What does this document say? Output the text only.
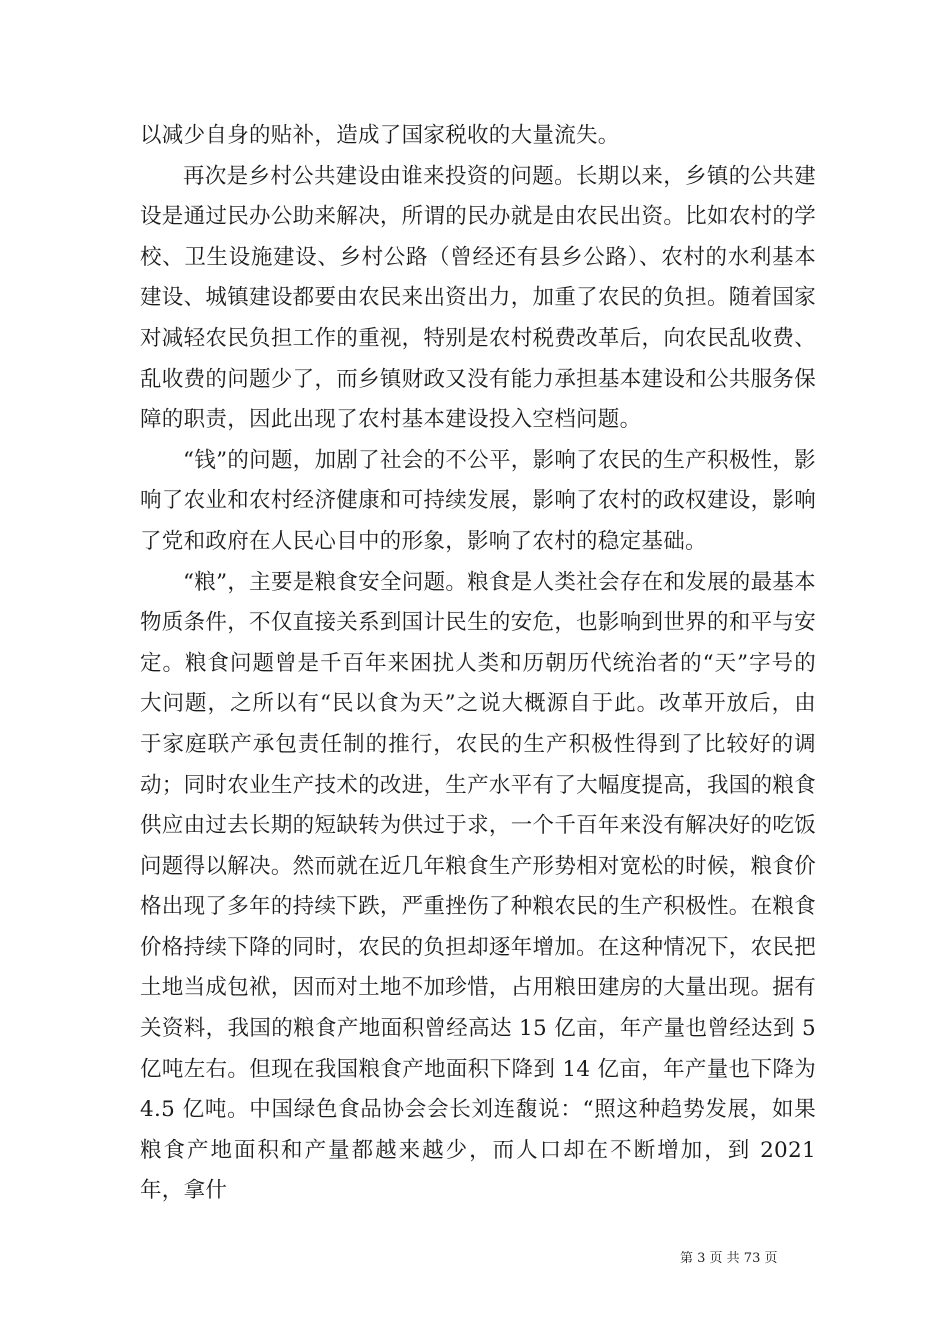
以减少自身的贴补，造成了国家税收的大量流失。

再次是乡村公共建设由谁来投资的问题。长期以来，乡镇的公共建设是通过民办公助来解决，所谓的民办就是由农民出资。比如农村的学校、卫生设施建设、乡村公路（曾经还有县乡公路）、农村的水利基本建设、城镇建设都要由农民来出资出力，加重了农民的负担。随着国家对减轻农民负担工作的重视，特别是农村税费改革后，向农民乱收费、乱收费的问题少了，而乡镇财政又没有能力承担基本建设和公共服务保障的职责，因此出现了农村基本建设投入空档问题。

“钱”的问题，加剧了社会的不公平，影响了农民的生产积极性，影响了农业和农村经济健康和可持续发展，影响了农村的政权建设，影响了党和政府在人民心目中的形象，影响了农村的稳定基础。

“粮”，主要是粮食安全问题。粮食是人类社会存在和发展的最基本物质条件，不仅直接关系到国计民生的安危，也影响到世界的和平与安定。粮食问题曾是千百年来困扰人类和历朝历代统治者的“天”字号的大问题，之所以有“民以食为天”之说大概源自于此。改革开放后，由于家庭联产承包责任制的推行，农民的生产积极性得到了比较好的调动；同时农业生产技术的改进，生产水平有了大幅度提高，我国的粮食供应由过去长期的短缺转为供过于求，一个千百年来没有解决好的吃饭问题得以解决。然而就在近几年粮食生产形势相对宽松的时候，粮食价格出现了多年的持续下跌，严重挫伤了种粮农民的生产积极性。在粮食价格持续下降的同时，农民的负担却逐年增加。在这种情况下，农民把土地当成包袱，因而对土地不加珍惜，占用粮田建房的大量出现。据有关资料，我国的粮食产地面积曾经高达 15 亿亩，年产量也曾经达到 5 亿吨左右。但现在我国粮食产地面积下降到 14 亿亩，年产量也下降为 4.5 亿吨。中国绿色食品协会会长刘连馥说：“照这种趋势发展，如果粮食产地面积和产量都越来越少，而人口却在不断增加，到 2021 年，拿什

第 3 页 共 73 页
